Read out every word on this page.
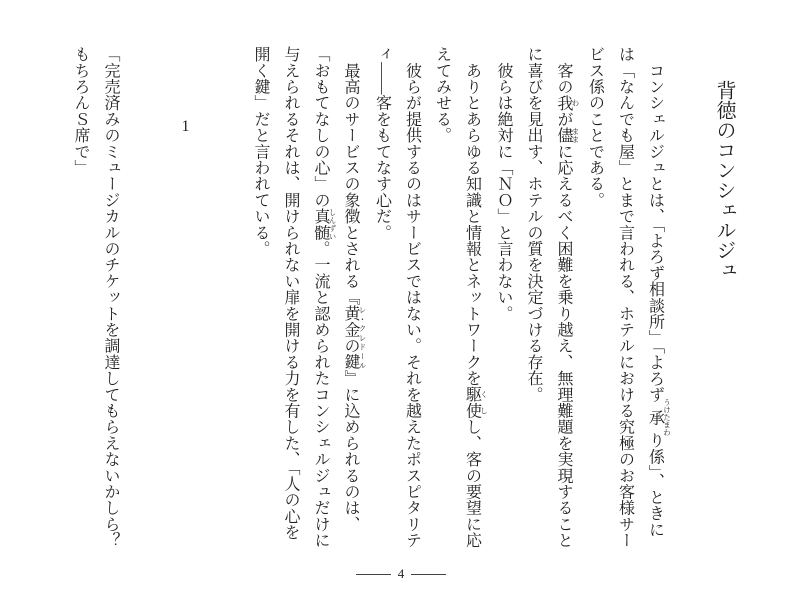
背徳のコンシェルジュ

　コンシェルジュとは、「よろず相談所」「よろず承 うけたまわり係」、ときには「なんでも屋」とまで言われる、ホテルにおける究極のお客様サービス係のことである。

　客の我 わが儘 ままに応えるべく困難を乗り越え、無理難題を実現することに喜びを見出す、ホテルの質を決定づける存在。

　彼らは絶対に「ＮＯ」と言わない。

　ありとあらゆる知識と情報とネットワークを駆使 くしし、客の要望に応えてみせる。

　彼らが提供するのはサービスではない。それを越えたポスピタリティ——客をもてなす心だ。

　最高のサービスの象徴とされる『黄金の鍵 レ・クレドール』に込められるのは、「おもてなしの心」の真髄 しんずい。一流と認められたコンシェルジュだけに与えられるそれは、開けられない扉を開ける力を有した、「人の心を開く鍵」だと言われている。

1

「完売済みのミュージカルのチケットを調達してもらえないかしら？　もちろんＳ席で」

4
